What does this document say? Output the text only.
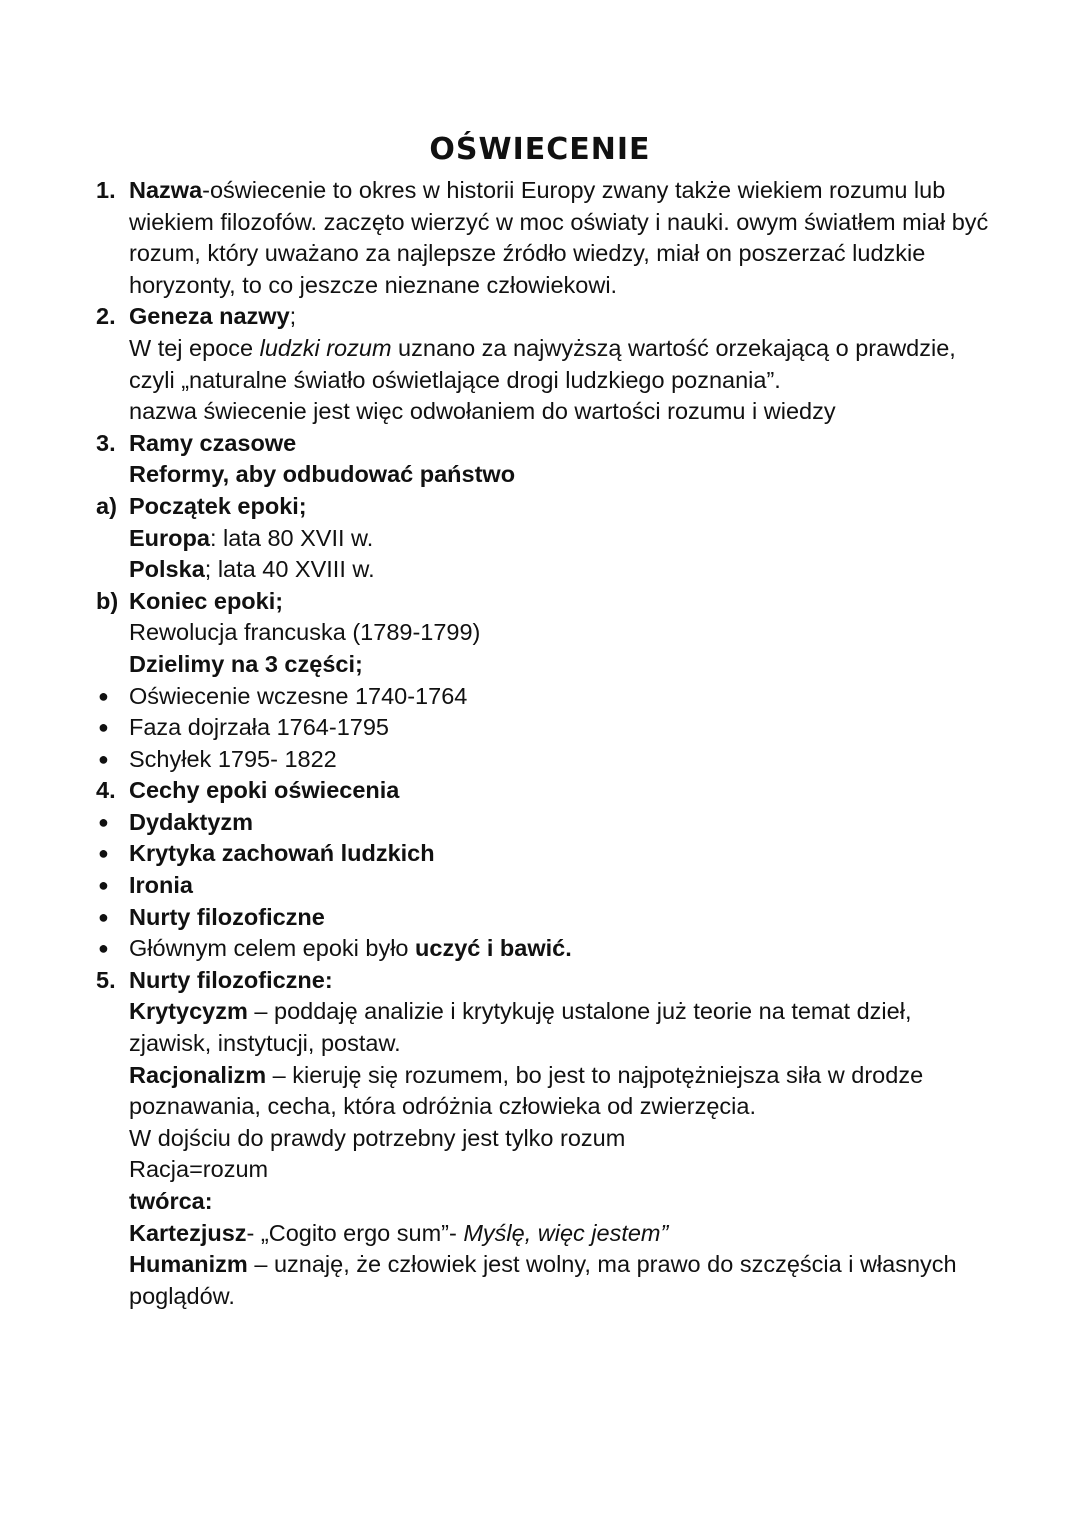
OŚWIECENIE
1. Nazwa-oświecenie to okres w historii Europy zwany także wiekiem rozumu lub wiekiem filozofów. zaczęto wierzyć w moc oświaty i nauki. owym światłem miał być rozum, który uważano za najlepsze źródło wiedzy, miał on poszerzać ludzkie horyzonty, to co jeszcze nieznane człowiekowi.
2. Geneza nazwy;
W tej epoce ludzki rozum uznano za najwyższą wartość orzekającą o prawdzie, czyli „naturalne światło oświetlające drogi ludzkiego poznania”.
nazwa świecenie jest więc odwołaniem do wartości rozumu i wiedzy
3. Ramy czasowe
Reformy, aby odbudować państwo
a) Początek epoki;
Europa: lata 80 XVII w.
Polska; lata 40 XVIII w.
b) Koniec epoki;
Rewolucja francuska (1789-1799)
Dzielimy na 3 części;
● Oświecenie wczesne 1740-1764
● Faza dojrzała 1764-1795
● Schyłek 1795- 1822
4. Cechy epoki oświecenia
● Dydaktyzm
● Krytyka zachowań ludzkich
● Ironia
● Nurty filozoficzne
● Głównym celem epoki było uczyć i bawić.
5. Nurty filozoficzne:
Krytycyzm – poddaję analizie i krytykuję ustalone już teorie na temat dzieł, zjawisk, instytucji, postaw.
Racjonalizm – kieruję się rozumem, bo jest to najpotężniejsza siła w drodze poznawania, cecha, która odróżnia człowieka od zwierzęcia.
W dojściu do prawdy potrzebny jest tylko rozum
Racja=rozum
twórca:
Kartezjusz- „Cogito ergo sum”- Myślę, więc jestem”
Humanizm – uznaję, że człowiek jest wolny, ma prawo do szczęścia i własnych poglądów.
